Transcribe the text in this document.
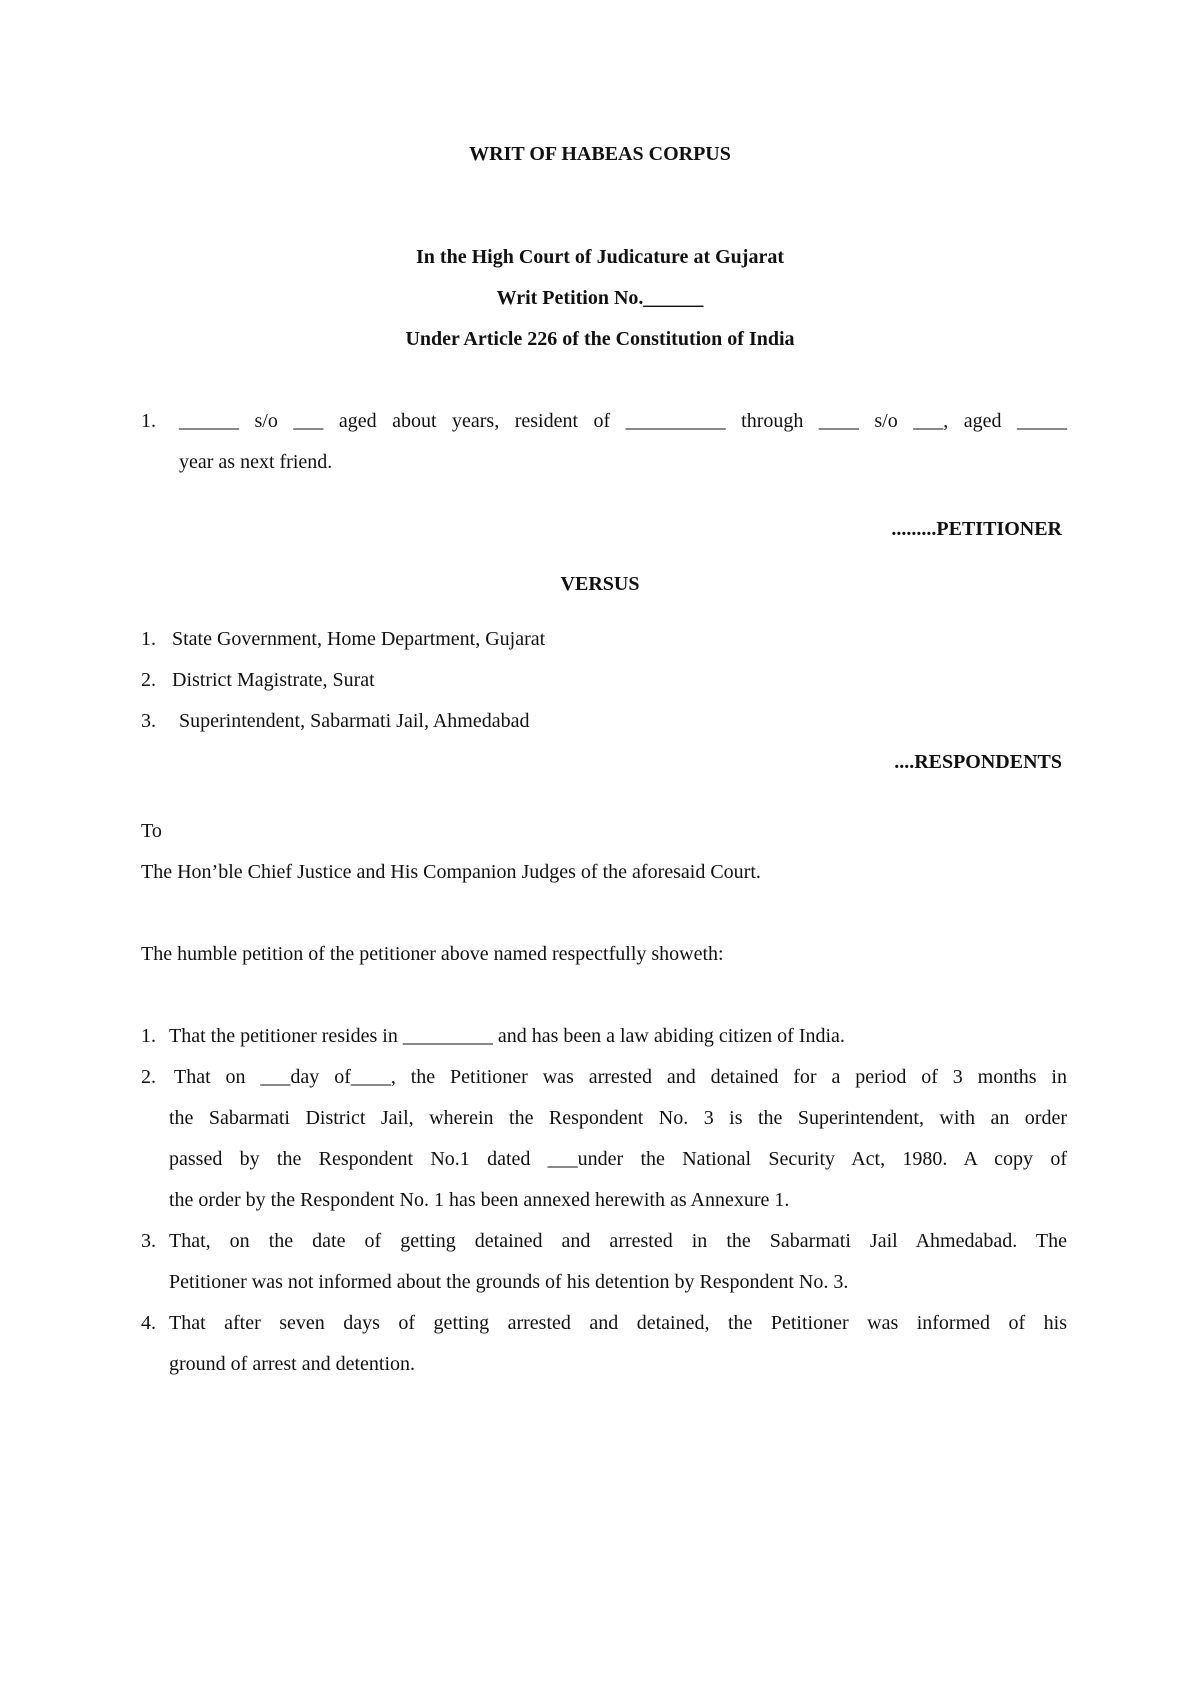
WRIT OF HABEAS CORPUS
In the High Court of Judicature at Gujarat
Writ Petition No.______
Under Article 226 of the Constitution of India
1. ______ s/o ___ aged about years, resident of __________ through ____ s/o ___, aged _____
year as next friend.
.........PETITIONER
VERSUS
1. State Government, Home Department, Gujarat
2. District Magistrate, Surat
3. Superintendent, Sabarmati Jail, Ahmedabad
....RESPONDENTS
To
The Hon’ble Chief Justice and His Companion Judges of the aforesaid Court.
The humble petition of the petitioner above named respectfully showeth:
1. That the petitioner resides in _________ and has been a law abiding citizen of India.
2. That on ___day of____, the Petitioner was arrested and detained for a period of 3 months in
the Sabarmati District Jail, wherein the Respondent No. 3 is the Superintendent, with an order
passed by the Respondent No.1 dated ___under the National Security Act, 1980. A copy of
the order by the Respondent No. 1 has been annexed herewith as Annexure 1.
3. That, on the date of getting detained and arrested in the Sabarmati Jail Ahmedabad. The
Petitioner was not informed about the grounds of his detention by Respondent No. 3.
4. That after seven days of getting arrested and detained, the Petitioner was informed of his
ground of arrest and detention.
